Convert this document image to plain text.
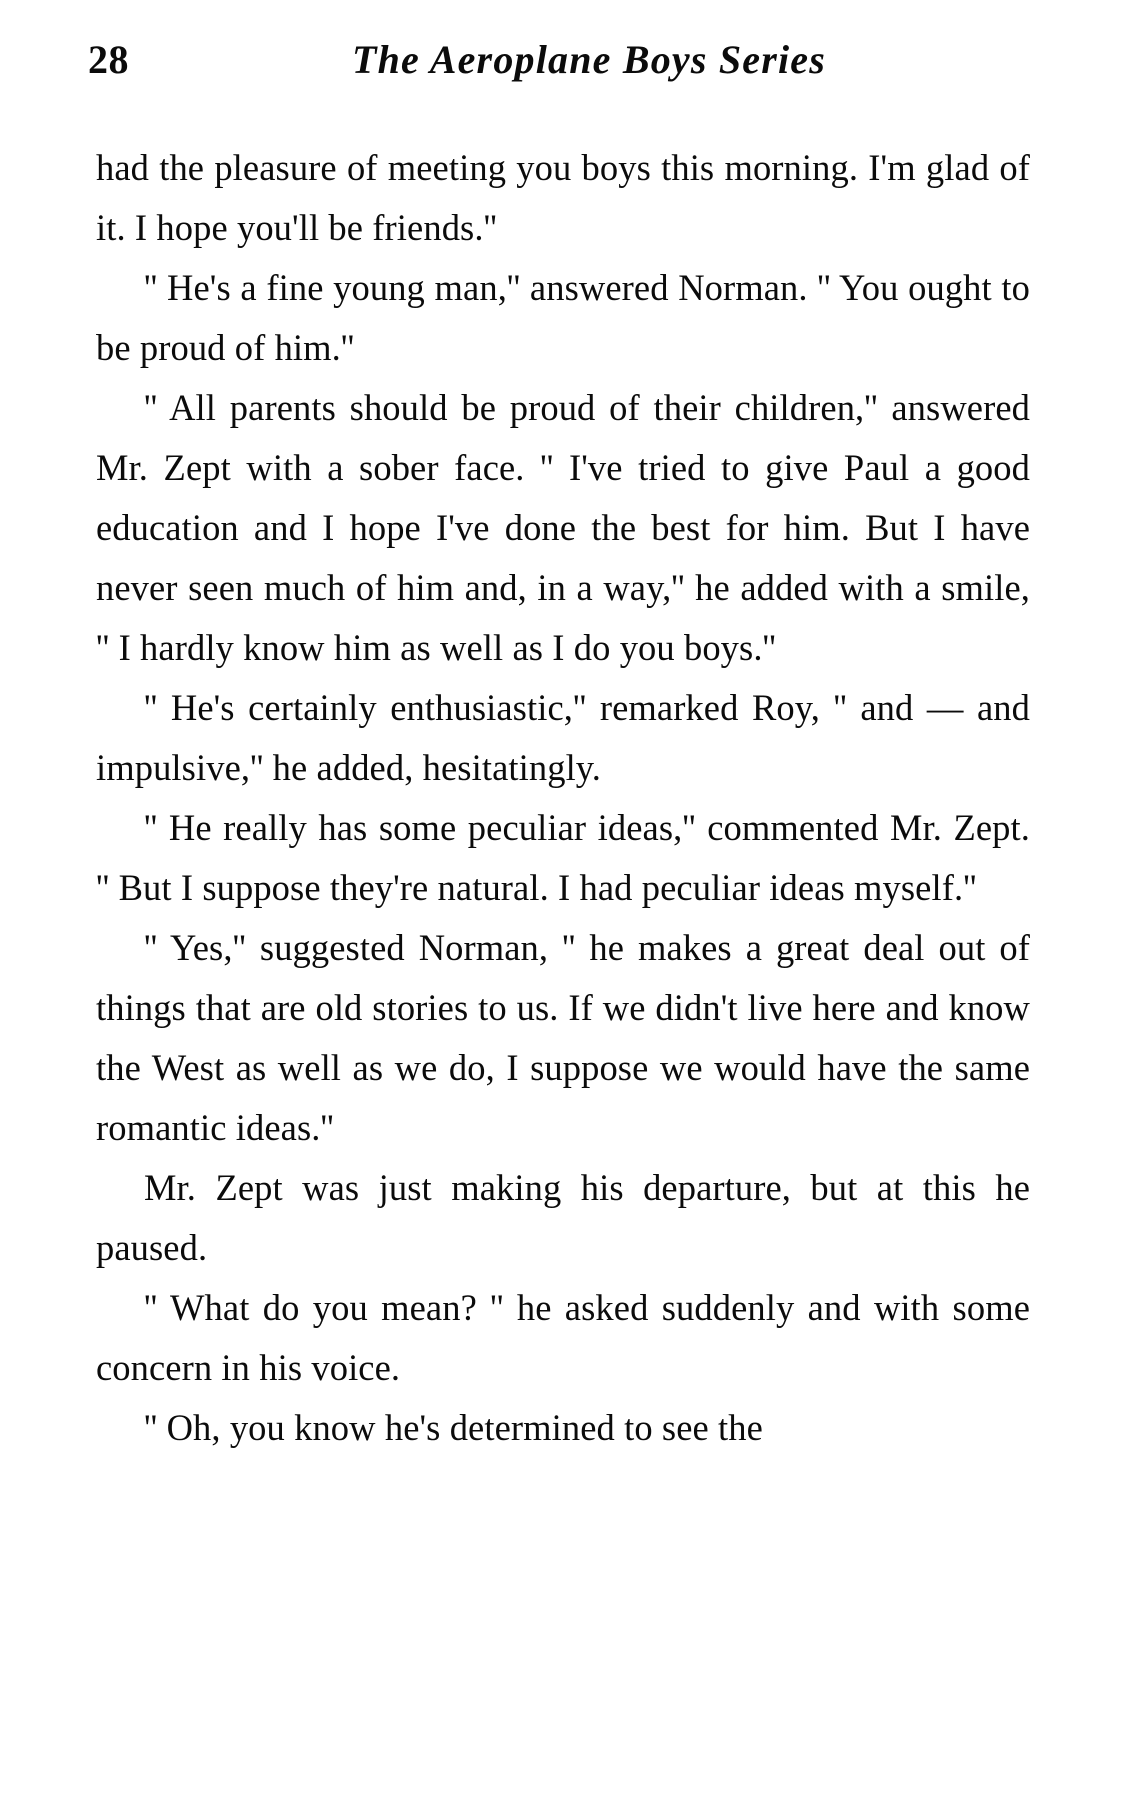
28	The Aeroplane Boys Series

had the pleasure of meeting you boys this morning. I'm glad of it. I hope you'll be friends.''

'' He's a fine young man,'' answered Norman. '' You ought to be proud of him.''

'' All parents should be proud of their children,'' answered Mr. Zept with a sober face. '' I've tried to give Paul a good education and I hope I've done the best for him. But I have never seen much of him and, in a way,'' he added with a smile, '' I hardly know him as well as I do you boys.''

'' He's certainly enthusiastic,'' remarked Roy, '' and — and impulsive,'' he added, hesitatingly.

'' He really has some peculiar ideas,'' commented Mr. Zept. '' But I suppose they're natural. I had peculiar ideas myself.''

'' Yes,'' suggested Norman, '' he makes a great deal out of things that are old stories to us. If we didn't live here and know the West as well as we do, I suppose we would have the same romantic ideas.''

Mr. Zept was just making his departure, but at this he paused.

'' What do you mean? '' he asked suddenly and with some concern in his voice.

'' Oh, you know he's determined to see the
